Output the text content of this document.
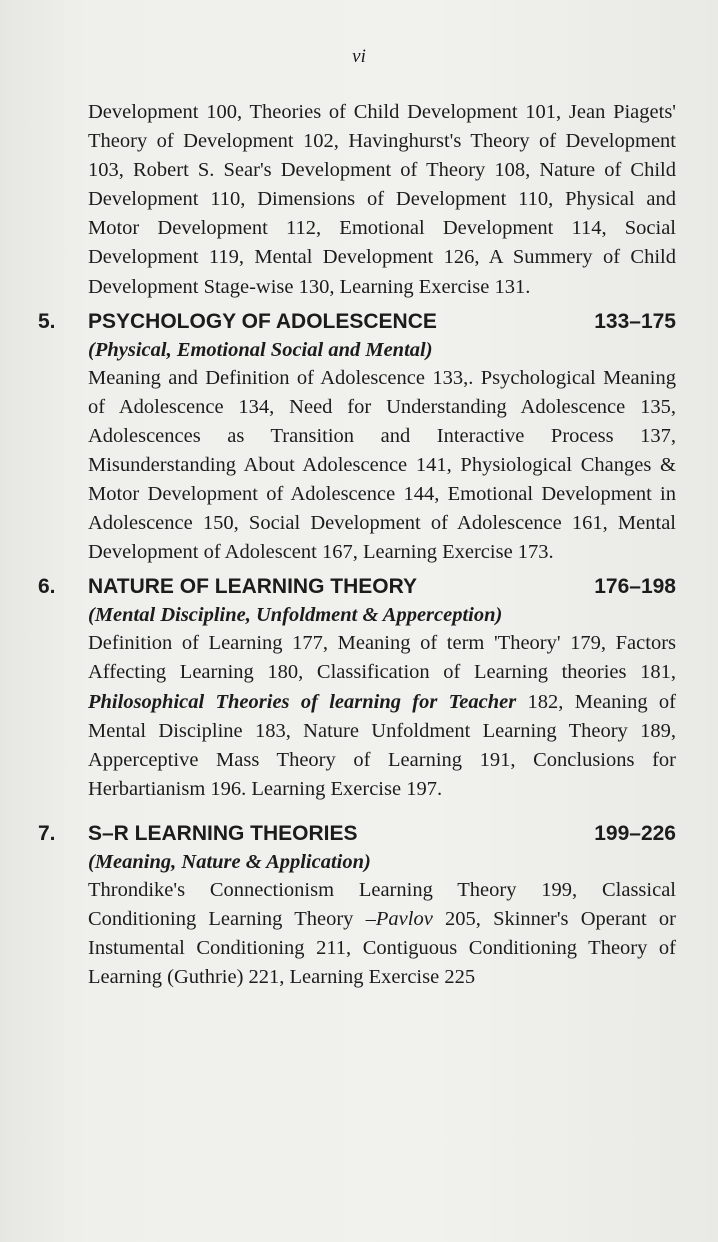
vi

Development 100, Theories of Child Development 101, Jean Piagets' Theory of Development 102, Havinghurst's Theory of Development 103, Robert S. Sear's Development of Theory 108, Nature of Child Development 110, Dimensions of Development 110, Physical and Motor Development 112, Emotional Development 114, Social Development 119, Mental Development 126, A Summery of Child Development Stage-wise 130, Learning Exercise 131.

5.	PSYCHOLOGY OF ADOLESCENCE	133–175
(Physical, Emotional Social and Mental)

Meaning and Definition of Adolescence 133,. Psychological Meaning of Adolescence 134, Need for Understanding Adolescence 135, Adolescences as Transition and Interactive Process 137, Misunderstanding About Adolescence 141, Physiological Changes & Motor Development of Adolescence 144, Emotional Development in Adolescence 150, Social Development of Adolescence 161, Mental Development of Adolescent 167, Learning Exercise 173.

6.	NATURE OF LEARNING THEORY	176–198
(Mental Discipline, Unfoldment & Apperception)

Definition of Learning 177, Meaning of term 'Theory' 179, Factors Affecting Learning 180, Classification of Learning theories 181, Philosophical Theories of learning for Teacher 182, Meaning of Mental Discipline 183, Nature Unfoldment Learning Theory 189, Apperceptive Mass Theory of Learning 191, Conclusions for Herbartianism 196. Learning Exercise 197.

7.	S–R LEARNING THEORIES	199–226
(Meaning, Nature & Application)

Throndike's Connectionism Learning Theory 199, Classical Conditioning Learning Theory –Pavlov 205, Skinner's Operant or Instumental Conditioning 211, Contiguous Conditioning Theory of Learning (Guthrie) 221, Learning Exercise 225
